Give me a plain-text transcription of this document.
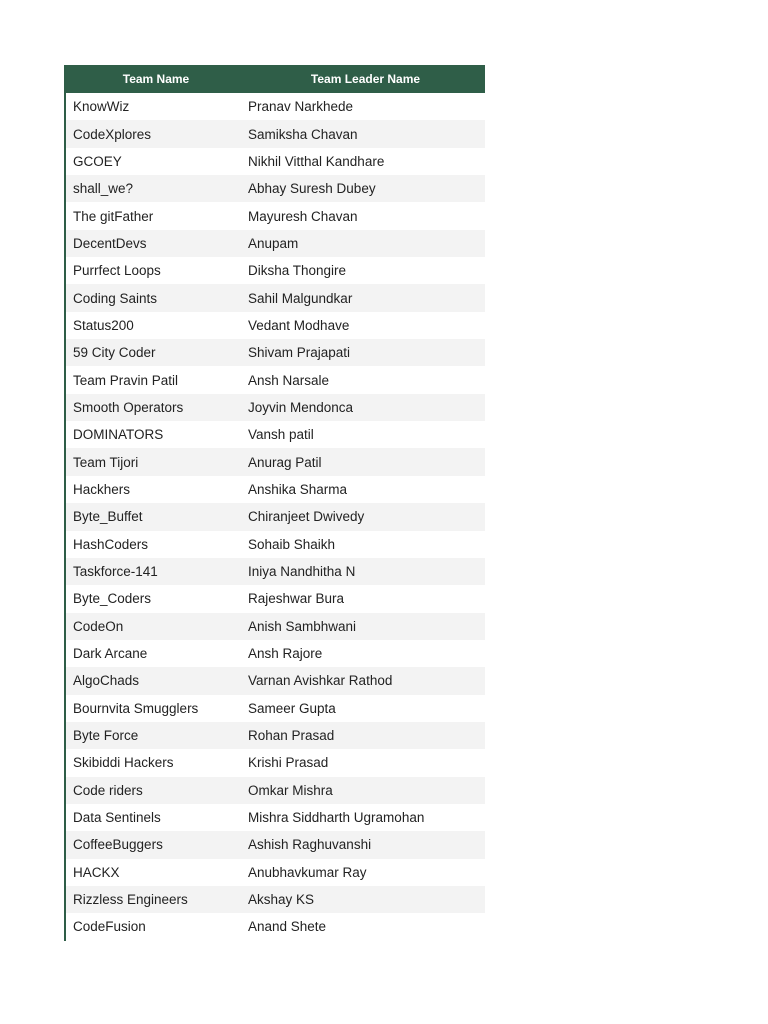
Team Name	Team Leader Name
KnowWiz	Pranav Narkhede
CodeXplores	Samiksha Chavan
GCOEY	Nikhil Vitthal Kandhare
shall_we?	Abhay Suresh Dubey
The gitFather	Mayuresh Chavan
DecentDevs	Anupam
Purrfect Loops	Diksha Thongire
Coding Saints	Sahil Malgundkar
Status200	Vedant Modhave
59 City Coder	Shivam Prajapati
Team Pravin Patil	Ansh Narsale
Smooth Operators	Joyvin Mendonca
DOMINATORS	Vansh patil
Team Tijori	Anurag Patil
Hackhers	Anshika Sharma
Byte_Buffet	Chiranjeet Dwivedy
HashCoders	Sohaib Shaikh
Taskforce-141	Iniya Nandhitha N
Byte_Coders	Rajeshwar Bura
CodeOn	Anish Sambhwani
Dark Arcane	Ansh Rajore
AlgoChads	Varnan Avishkar Rathod
Bournvita Smugglers	Sameer Gupta
Byte Force	Rohan Prasad
Skibiddi Hackers	Krishi Prasad
Code riders	Omkar Mishra
Data Sentinels	Mishra Siddharth Ugramohan
CoffeeBuggers	Ashish Raghuvanshi
HACKX	Anubhavkumar Ray
Rizzless Engineers	Akshay KS
CodeFusion	Anand Shete
